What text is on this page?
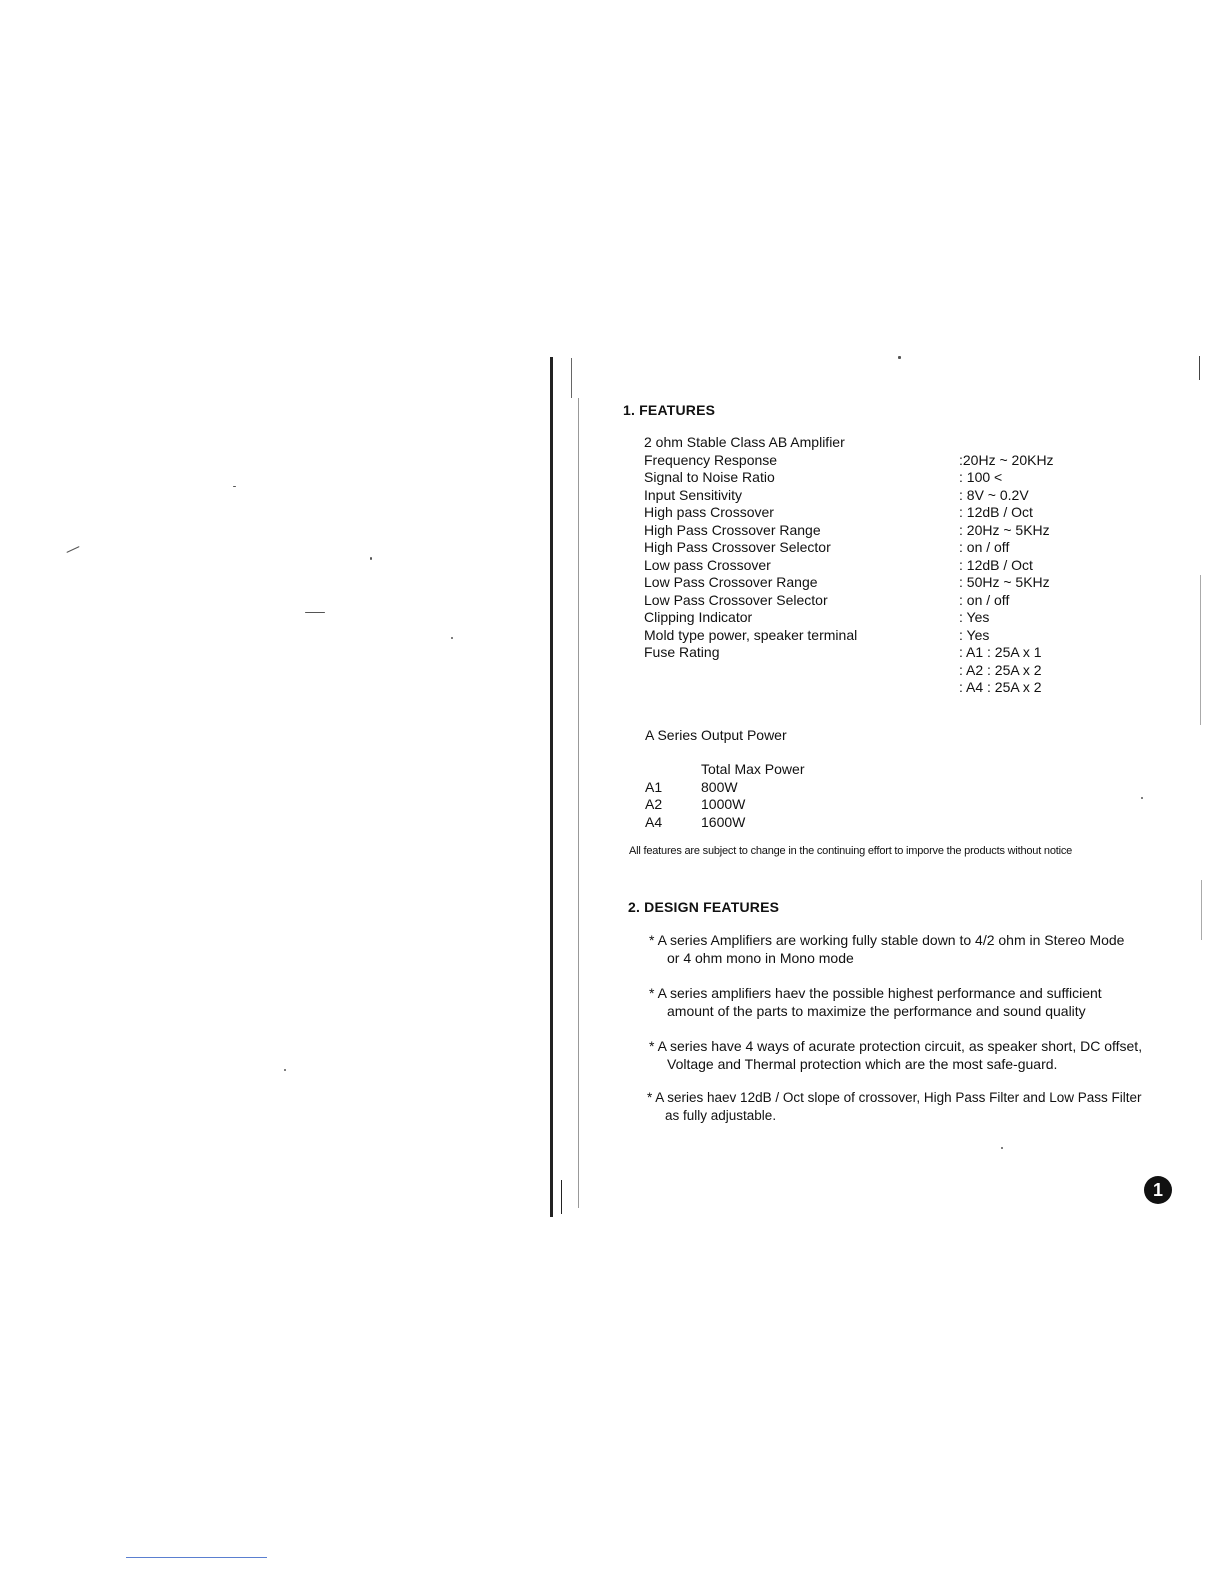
1. FEATURES
2 ohm Stable Class AB Amplifier
Frequency Response	:20Hz ~ 20KHz
Signal to Noise Ratio	: 100 <
Input Sensitivity	: 8V ~ 0.2V
High pass Crossover	: 12dB / Oct
High Pass Crossover Range	: 20Hz ~ 5KHz
High Pass Crossover Selector	: on / off
Low pass Crossover	: 12dB / Oct
Low Pass Crossover Range	: 50Hz ~ 5KHz
Low Pass Crossover Selector	: on / off
Clipping Indicator	: Yes
Mold type power, speaker terminal	: Yes
Fuse Rating	: A1 : 25A x 1
: A2 : 25A x 2
: A4 : 25A x 2
A Series Output Power
Total Max Power
A1	800W
A2	1000W
A4	1600W
All features are subject to change in the continuing effort to imporve the products without notice
2. DESIGN FEATURES
* A series Amplifiers are working fully stable down to 4/2 ohm in Stereo Mode
or 4 ohm mono in Mono mode
* A series amplifiers haev the possible highest performance and sufficient
amount of the parts to maximize the performance and sound quality
* A series have 4 ways of acurate protection circuit, as speaker short, DC offset,
Voltage and Thermal protection which are the most safe-guard.
* A series haev 12dB / Oct slope of crossover, High Pass Filter and Low Pass Filter
as fully adjustable.
1
